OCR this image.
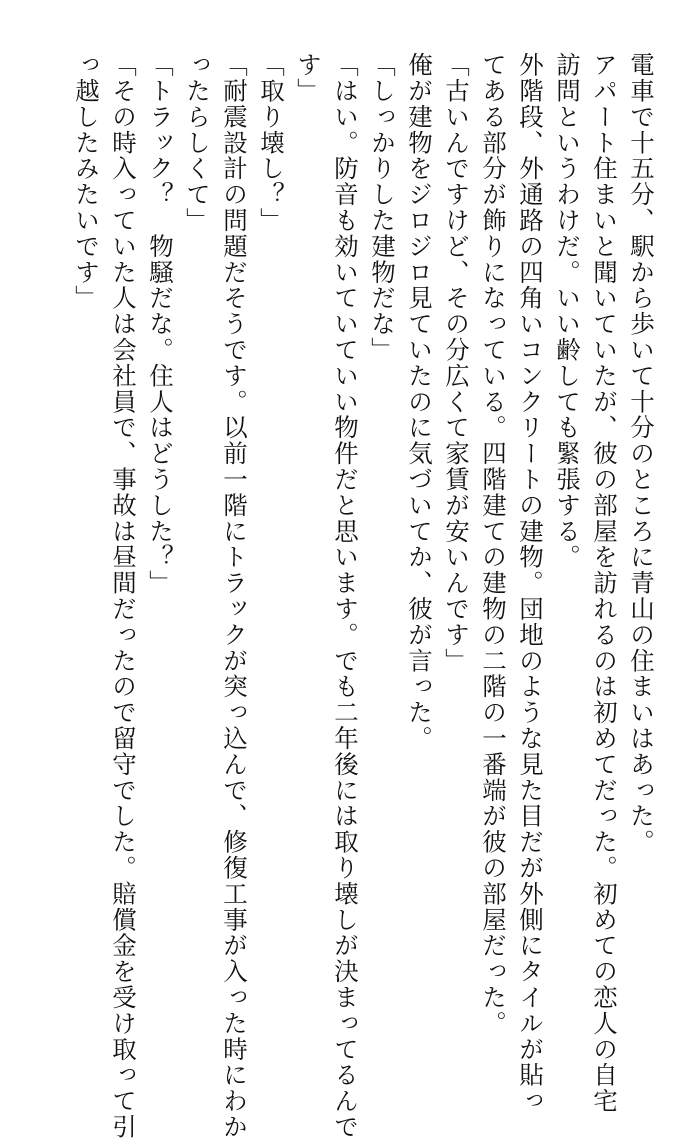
電車で十五分、駅から歩いて十分のところに青山の住まいはあった。
アパート住まいと聞いていたが、彼の部屋を訪れるのは初めてだった。初めての恋人の自宅
訪問というわけだ。いい齢しても緊張する。
外階段、外通路の四角いコンクリートの建物。団地のような見た目だが外側にタイルが貼っ
てある部分が飾りになっている。四階建ての建物の二階の一番端が彼の部屋だった。
「古いんですけど、その分広くて家賃が安いんです」
俺が建物をジロジロ見ていたのに気づいてか、彼が言った。
「しっかりした建物だな」
「はい。防音も効いていていい物件だと思います。でも二年後には取り壊しが決まってるんで
す」
「取り壊し？」
「耐震設計の問題だそうです。以前一階にトラックが突っ込んで、修復工事が入った時にわか
ったらしくて」
「トラック？　物騒だな。住人はどうした？」
「その時入っていた人は会社員で、事故は昼間だったので留守でした。賠償金を受け取って引
っ越したみたいです」
